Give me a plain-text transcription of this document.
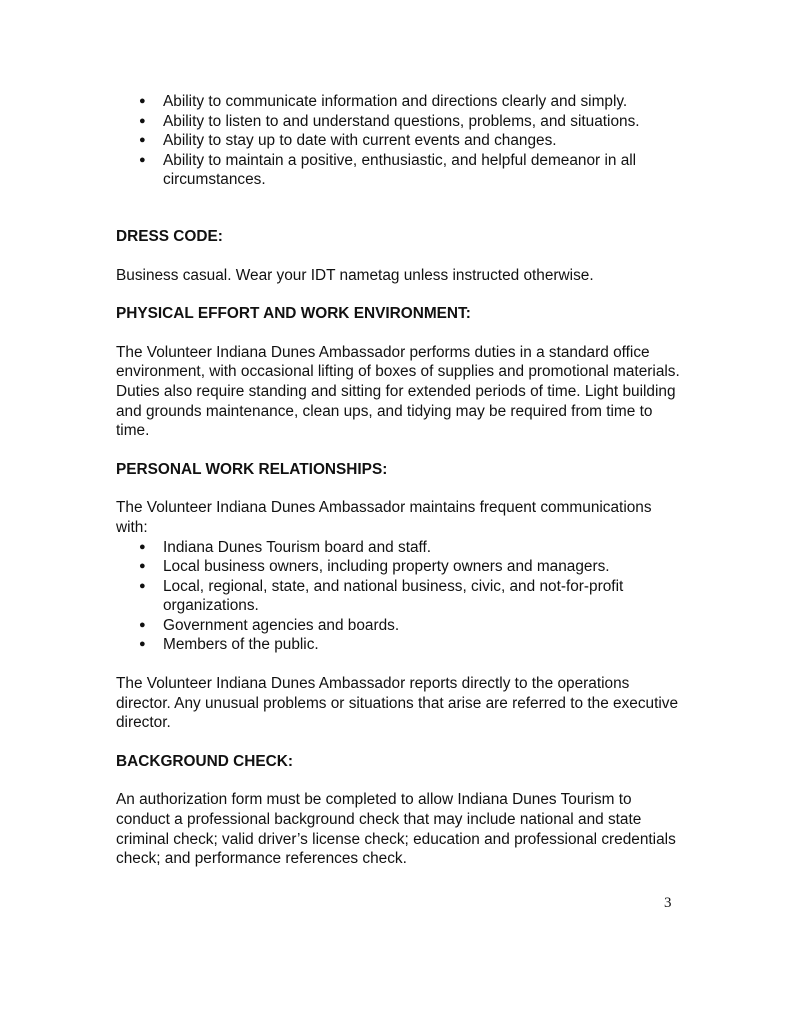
● Ability to communicate information and directions clearly and simply.
● Ability to listen to and understand questions, problems, and situations.
● Ability to stay up to date with current events and changes.
● Ability to maintain a positive, enthusiastic, and helpful demeanor in all circumstances.

DRESS CODE:

Business casual. Wear your IDT nametag unless instructed otherwise.

PHYSICAL EFFORT AND WORK ENVIRONMENT:

The Volunteer Indiana Dunes Ambassador performs duties in a standard office environment, with occasional lifting of boxes of supplies and promotional materials. Duties also require standing and sitting for extended periods of time. Light building and grounds maintenance, clean ups, and tidying may be required from time to time.

PERSONAL WORK RELATIONSHIPS:

The Volunteer Indiana Dunes Ambassador maintains frequent communications with:

● Indiana Dunes Tourism board and staff.
● Local business owners, including property owners and managers.
● Local, regional, state, and national business, civic, and not-for-profit organizations.
● Government agencies and boards.
● Members of the public.

The Volunteer Indiana Dunes Ambassador reports directly to the operations director. Any unusual problems or situations that arise are referred to the executive director.

BACKGROUND CHECK:

An authorization form must be completed to allow Indiana Dunes Tourism to conduct a professional background check that may include national and state criminal check; valid driver’s license check; education and professional credentials check; and performance references check.

3
